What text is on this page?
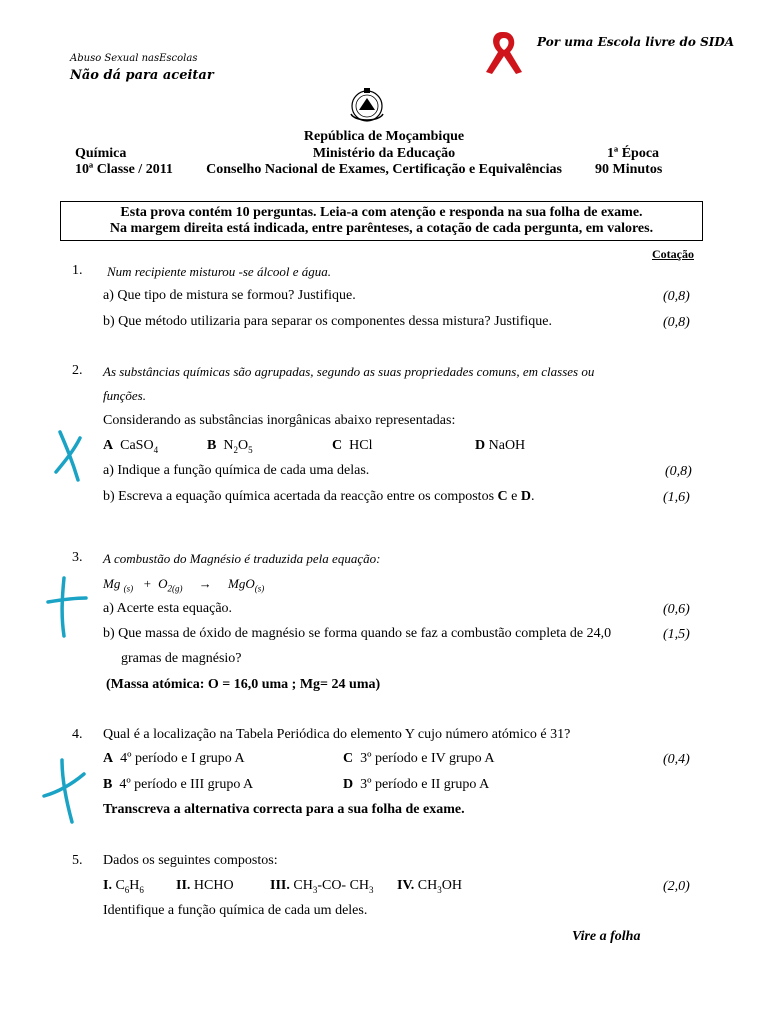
Por uma Escola livre do SIDA
Abuso Sexual nasEscolas
Não dá para aceitar
República de Moçambique
Ministério da Educação
Conselho Nacional de Exames, Certificação e Equivalências
Química
10ª Classe / 2011
1ª Época
90 Minutos
Esta prova contém 10 perguntas. Leia-a com atenção e responda na sua folha de exame.
Na margem direita está indicada, entre parênteses, a cotação de cada pergunta, em valores.
Cotação
1. Num recipiente misturou -se álcool e água.
a) Que tipo de mistura se formou? Justifique.	(0,8)
b) Que método utilizaria para separar os componentes dessa mistura? Justifique.	(0,8)
2. As substâncias químicas são agrupadas, segundo as suas propriedades comuns, em classes ou
funções.
Considerando as substâncias inorgânicas abaixo representadas:
A  CaSO$_4$	B  $N_2O_5$	C HCl	D NaOH
a) Indique a função química de cada uma delas.	(0,8)
b) Escreva a equação química acertada da reacção entre os compostos C e D.	(1,6)
3. A combustão do Magnésio é traduzida pela equação:
Mg $_{(s)} + O_{2(g)}$     →     MgO$_{(s)}$
a) Acerte esta equação.	(0,6)
b) Que massa de óxido de magnésio se forma quando se faz a combustão completa de 24,0	(1,5)
gramas de magnésio?
(Massa atómica: O = 16,0 uma ; Mg= 24 uma)
4. Qual é a localização na Tabela Periódica do elemento Y cujo número atómico é 31?
A 4º período e I grupo A	C 3º período e IV grupo A	(0,4)
B 4º período e III grupo A	D 3º período e II grupo A
Transcreva a alternativa correcta para a sua folha de exame.
5. Dados os seguintes compostos:
I. $C_6H_6$ II. HCHO	III. $CH_3-CO-$ $CH_3$ IV. $CH_3OH$	(2,0)
Identifique a função química de cada um deles.
Vire a folha
